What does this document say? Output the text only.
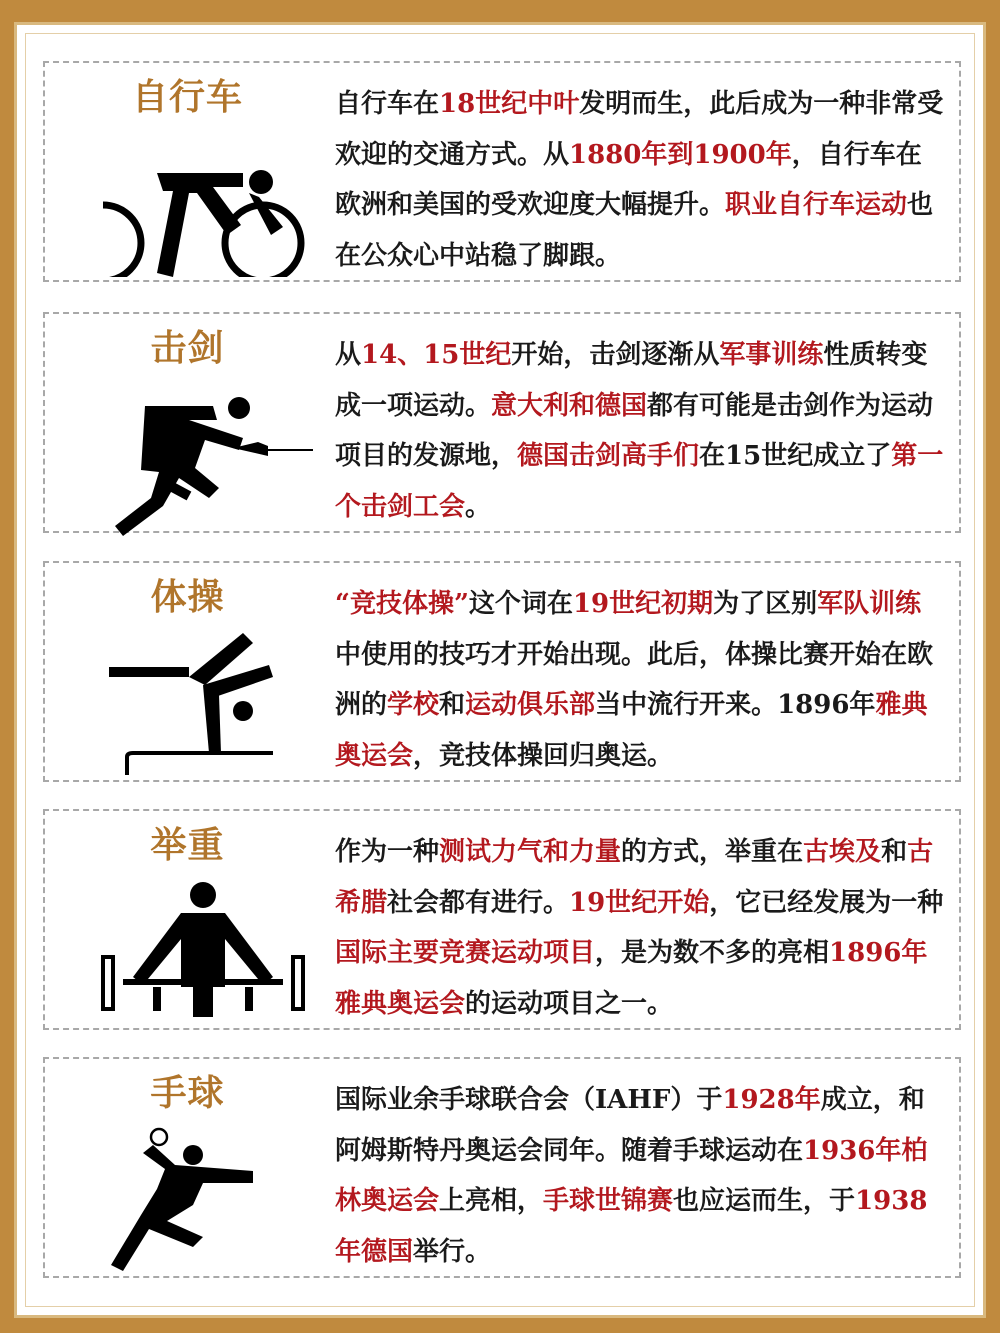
自行车	自行车在18世纪中叶发明而生，此后成为一种非常受欢迎的交通方式。从1880年到1900年，自行车在欧洲和美国的受欢迎度大幅提升。职业自行车运动也在公众心中站稳了脚跟。
击剑	从14、15世纪开始，击剑逐渐从军事训练性质转变成一项运动。意大利和德国都有可能是击剑作为运动项目的发源地，德国击剑高手们在15世纪成立了第一个击剑工会。
体操	“竞技体操”这个词在19世纪初期为了区别军队训练中使用的技巧才开始出现。此后，体操比赛开始在欧洲的学校和运动俱乐部当中流行开来。1896年雅典奥运会，竞技体操回归奥运。
举重	作为一种测试力气和力量的方式，举重在古埃及和古希腊社会都有进行。19世纪开始，它已经发展为一种国际主要竞赛运动项目，是为数不多的亮相1896年雅典奥运会的运动项目之一。
手球	国际业余手球联合会（IAHF）于1928年成立，和阿姆斯特丹奥运会同年。随着手球运动在1936年柏林奥运会上亮相，手球世锦赛也应运而生，于1938年德国举行。
